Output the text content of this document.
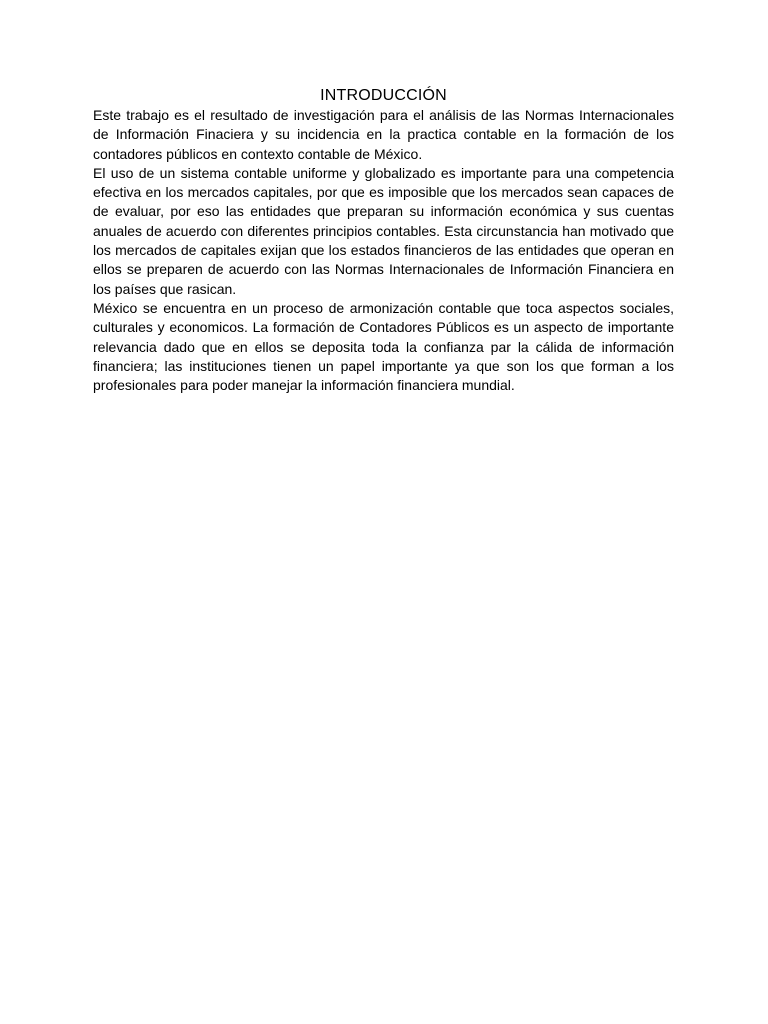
INTRODUCCIÓN

Este trabajo es el resultado de investigación para el análisis de las Normas Internacionales de Información Finaciera y su incidencia en la practica contable en la formación de los contadores públicos en contexto contable de México.

El uso de un sistema contable uniforme y globalizado es importante para una competencia efectiva en los mercados capitales, por que es imposible que los mercados sean capaces de de evaluar, por eso las entidades que preparan su información económica y sus cuentas anuales de acuerdo con diferentes principios contables. Esta circunstancia han motivado que los mercados de capitales exijan que los estados financieros de las entidades que operan en ellos se preparen de acuerdo con las Normas Internacionales de Información Financiera en los países que rasican.

México se encuentra en un proceso de armonización contable que toca aspectos sociales, culturales y economicos. La formación de Contadores Públicos es un aspecto de importante relevancia dado que en ellos se deposita toda la confianza par la cálida de información financiera; las instituciones tienen un papel importante ya que son los que forman a los profesionales para poder manejar la información financiera mundial.
